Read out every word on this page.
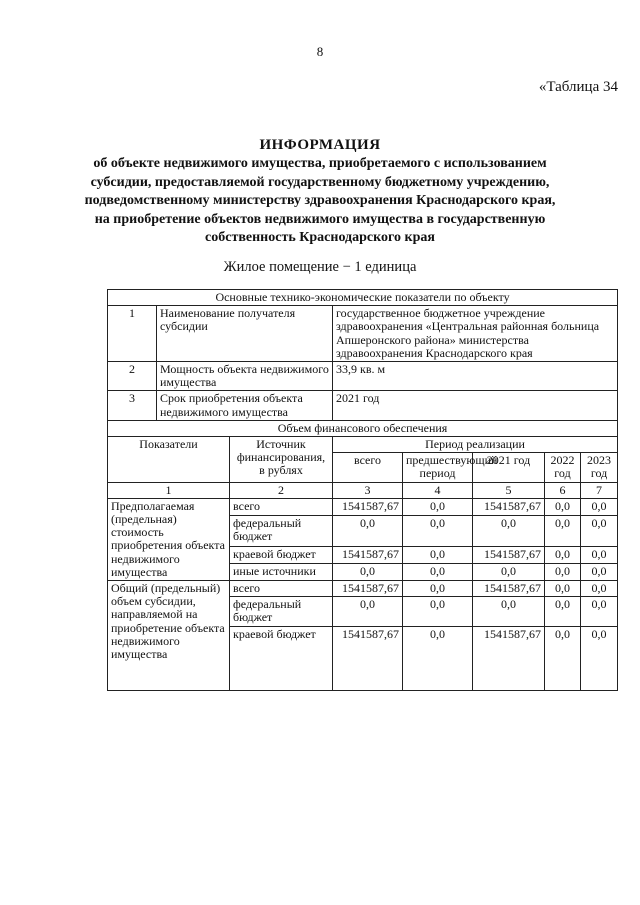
8
«Таблица 34
ИНФОРМАЦИЯ
об объекте недвижимого имущества, приобретаемого с использованием
субсидии, предоставляемой государственному бюджетному учреждению,
подведомственному министерству здравоохранения Краснодарского края,
на приобретение объектов недвижимого имущества в государственную
собственность Краснодарского края
Жилое помещение − 1 единица
Основные технико-экономические показатели по объекту							
1	Наименование получателя субсидии		государственное бюджетное учреждение здравоохранения «Центральная районная больница Апшеронского района» министерства здравоохранения Краснодарского края				
2	Мощность объекта недвижимого имущества		33,9 кв. м				
3	Срок приобретения объекта недвижимого имущества		2021 год				
Объем финансового обеспечения							
Показатели		Источник финансирования, в рублях	Период реализации				
			всего	предшествующий период	2021 год	2022 год	2023 год
1		2	3	4	5	6	7
Предполагаемая (предельная) стоимость приобретения объекта недвижимого имущества		всего	1541587,67	0,0	1541587,67	0,0	0,0
		федеральный бюджет	0,0	0,0	0,0	0,0	0,0
		краевой бюджет	1541587,67	0,0	1541587,67	0,0	0,0
		иные источники	0,0	0,0	0,0	0,0	0,0
Общий (предельный) объем субсидии, направляемой на приобретение объекта недвижимого имущества		всего	1541587,67	0,0	1541587,67	0,0	0,0
		федеральный бюджет	0,0	0,0	0,0	0,0	0,0
		краевой бюджет	1541587,67	0,0	1541587,67	0,0	0,0
